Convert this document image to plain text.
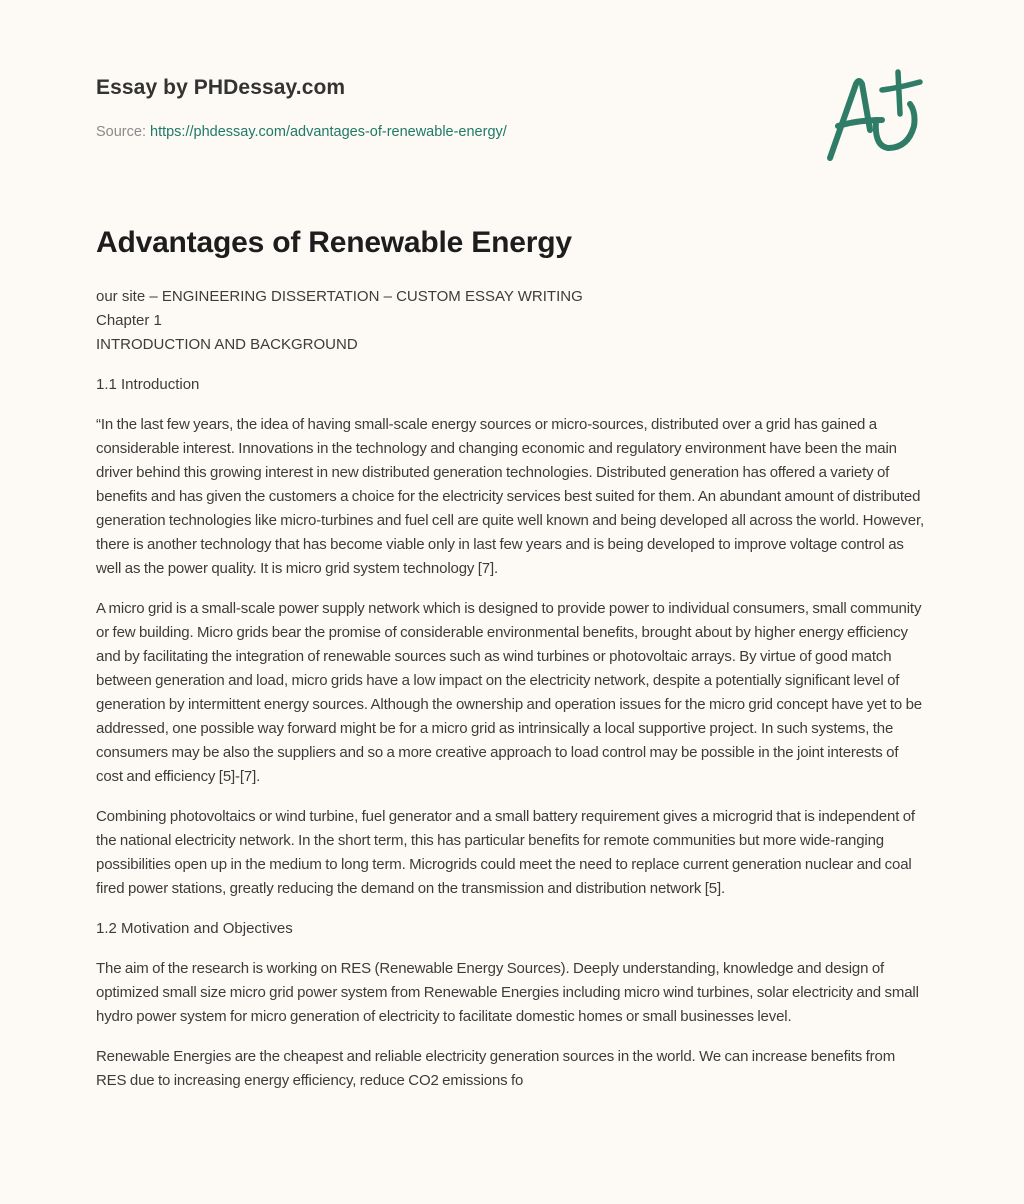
Essay by PHDessay.com
Source: https://phdessay.com/advantages-of-renewable-energy/
Advantages of Renewable Energy

our site – ENGINEERING DISSERTATION – CUSTOM ESSAY WRITING
Chapter 1
INTRODUCTION AND BACKGROUND

1.1 Introduction

“In the last few years, the idea of having small-scale energy sources or micro-sources, distributed over a grid has gained a considerable interest. Innovations in the technology and changing economic and regulatory environment have been the main driver behind this growing interest in new distributed generation technologies. Distributed generation has offered a variety of benefits and has given the customers a choice for the electricity services best suited for them. An abundant amount of distributed generation technologies like micro-turbines and fuel cell are quite well known and being developed all across the world. However, there is another technology that has become viable only in last few years and is being developed to improve voltage control as well as the power quality. It is micro grid system technology [7].

A micro grid is a small-scale power supply network which is designed to provide power to individual consumers, small community or few building. Micro grids bear the promise of considerable environmental benefits, brought about by higher energy efficiency and by facilitating the integration of renewable sources such as wind turbines or photovoltaic arrays. By virtue of good match between generation and load, micro grids have a low impact on the electricity network, despite a potentially significant level of generation by intermittent energy sources. Although the ownership and operation issues for the micro grid concept have yet to be addressed, one possible way forward might be for a micro grid as intrinsically a local supportive project. In such systems, the consumers may be also the suppliers and so a more creative approach to load control may be possible in the joint interests of cost and efficiency [5]-[7].

Combining photovoltaics or wind turbine, fuel generator and a small battery requirement gives a microgrid that is independent of the national electricity network. In the short term, this has particular benefits for remote communities but more wide-ranging possibilities open up in the medium to long term. Microgrids could meet the need to replace current generation nuclear and coal fired power stations, greatly reducing the demand on the transmission and distribution network [5].

1.2 Motivation and Objectives

The aim of the research is working on RES (Renewable Energy Sources). Deeply understanding, knowledge and design of optimized small size micro grid power system from Renewable Energies including micro wind turbines, solar electricity and small hydro power system for micro generation of electricity to facilitate domestic homes or small businesses level.

Renewable Energies are the cheapest and reliable electricity generation sources in the world. We can increase benefits from RES due to increasing energy efficiency, reduce CO2 emissions fo
